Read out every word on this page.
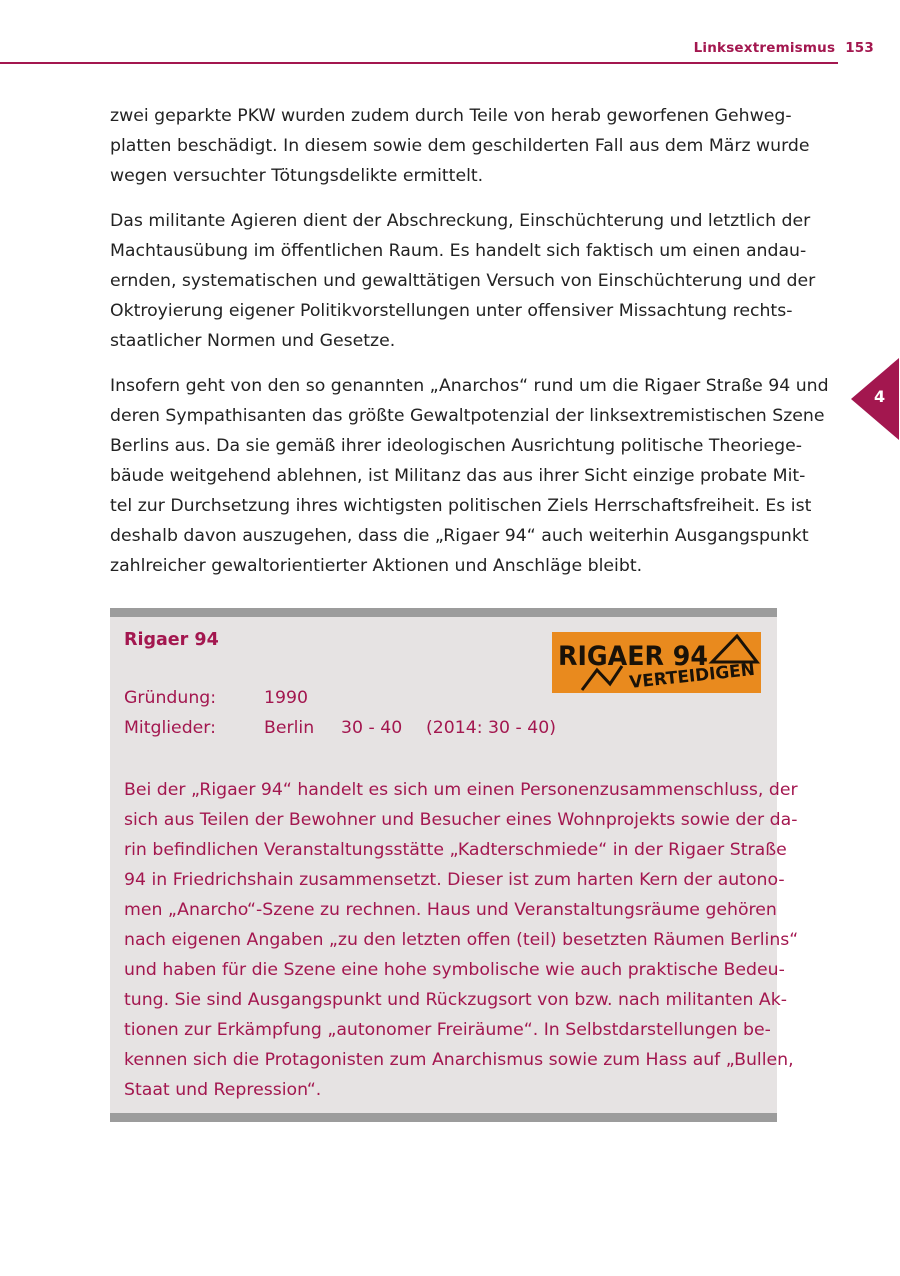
Linksextremismus 153
zwei geparkte PKW wurden zudem durch Teile von herab geworfenen Gehweg-
platten beschädigt. In diesem sowie dem geschilderten Fall aus dem März wurde
wegen versuchter Tötungsdelikte ermittelt.
Das militante Agieren dient der Abschreckung, Einschüchterung und letztlich der
Machtausübung im öffentlichen Raum. Es handelt sich faktisch um einen andau-
ernden, systematischen und gewalttätigen Versuch von Einschüchterung und der
Oktroyierung eigener Politikvorstellungen unter offensiver Missachtung rechts-
staatlicher Normen und Gesetze.
Insofern geht von den so genannten „Anarchos“ rund um die Rigaer Straße 94 und
deren Sympathisanten das größte Gewaltpotenzial der linksextremistischen Szene
Berlins aus. Da sie gemäß ihrer ideologischen Ausrichtung politische Theoriege-
bäude weitgehend ablehnen, ist Militanz das aus ihrer Sicht einzige probate Mit-
tel zur Durchsetzung ihres wichtigsten politischen Ziels Herrschaftsfreiheit. Es ist
deshalb davon auszugehen, dass die „Rigaer 94“ auch weiterhin Ausgangspunkt
zahlreicher gewaltorientierter Aktionen und Anschläge bleibt.
4
Rigaer 94
RIGAER 94
VERTEIDIGEN
Gründung:	1990
Mitglieder:	Berlin 30 - 40 (2014: 30 - 40)
Bei der „Rigaer 94“ handelt es sich um einen Personenzusammenschluss, der
sich aus Teilen der Bewohner und Besucher eines Wohnprojekts sowie der da-
rin befindlichen Veranstaltungsstätte „Kadterschmiede“ in der Rigaer Straße
94 in Friedrichshain zusammensetzt. Dieser ist zum harten Kern der autono-
men „Anarcho“-Szene zu rechnen. Haus und Veranstaltungsräume gehören
nach eigenen Angaben „zu den letzten offen (teil) besetzten Räumen Berlins“
und haben für die Szene eine hohe symbolische wie auch praktische Bedeu-
tung. Sie sind Ausgangspunkt und Rückzugsort von bzw. nach militanten Ak-
tionen zur Erkämpfung „autonomer Freiräume“. In Selbstdarstellungen be-
kennen sich die Protagonisten zum Anarchismus sowie zum Hass auf „Bullen,
Staat und Repression“.
